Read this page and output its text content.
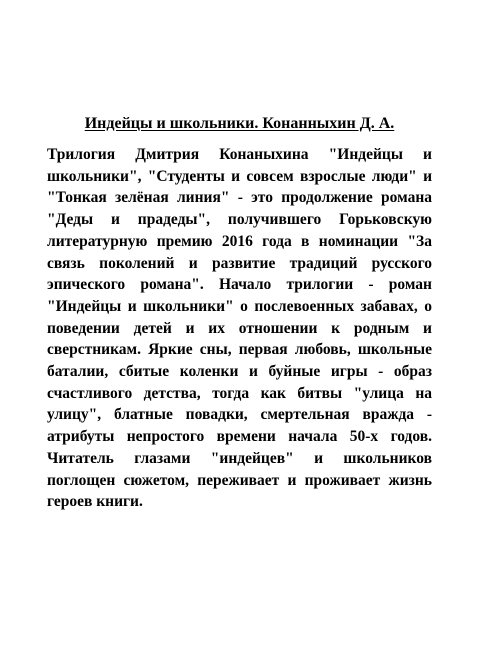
Индейцы и школьники. Конанныхин Д. А.

Трилогия Дмитрия Конаныхина "Индейцы и школьники", "Студенты и совсем взрослые люди" и "Тонкая зелёная линия" - это продолжение романа "Деды и прадеды", получившего Горьковскую литературную премию 2016 года в номинации "За связь поколений и развитие традиций русского эпического романа". Начало трилогии - роман "Индейцы и школьники" о послевоенных забавах, о поведении детей и их отношении к родным и сверстникам. Яркие сны, первая любовь, школьные баталии, сбитые коленки и буйные игры - образ счастливого детства, тогда как битвы "улица на улицу", блатные повадки, смертельная вражда - атрибуты непростого времени начала 50-х годов. Читатель глазами "индейцев" и школьников поглощен сюжетом, переживает и проживает жизнь героев книги.
